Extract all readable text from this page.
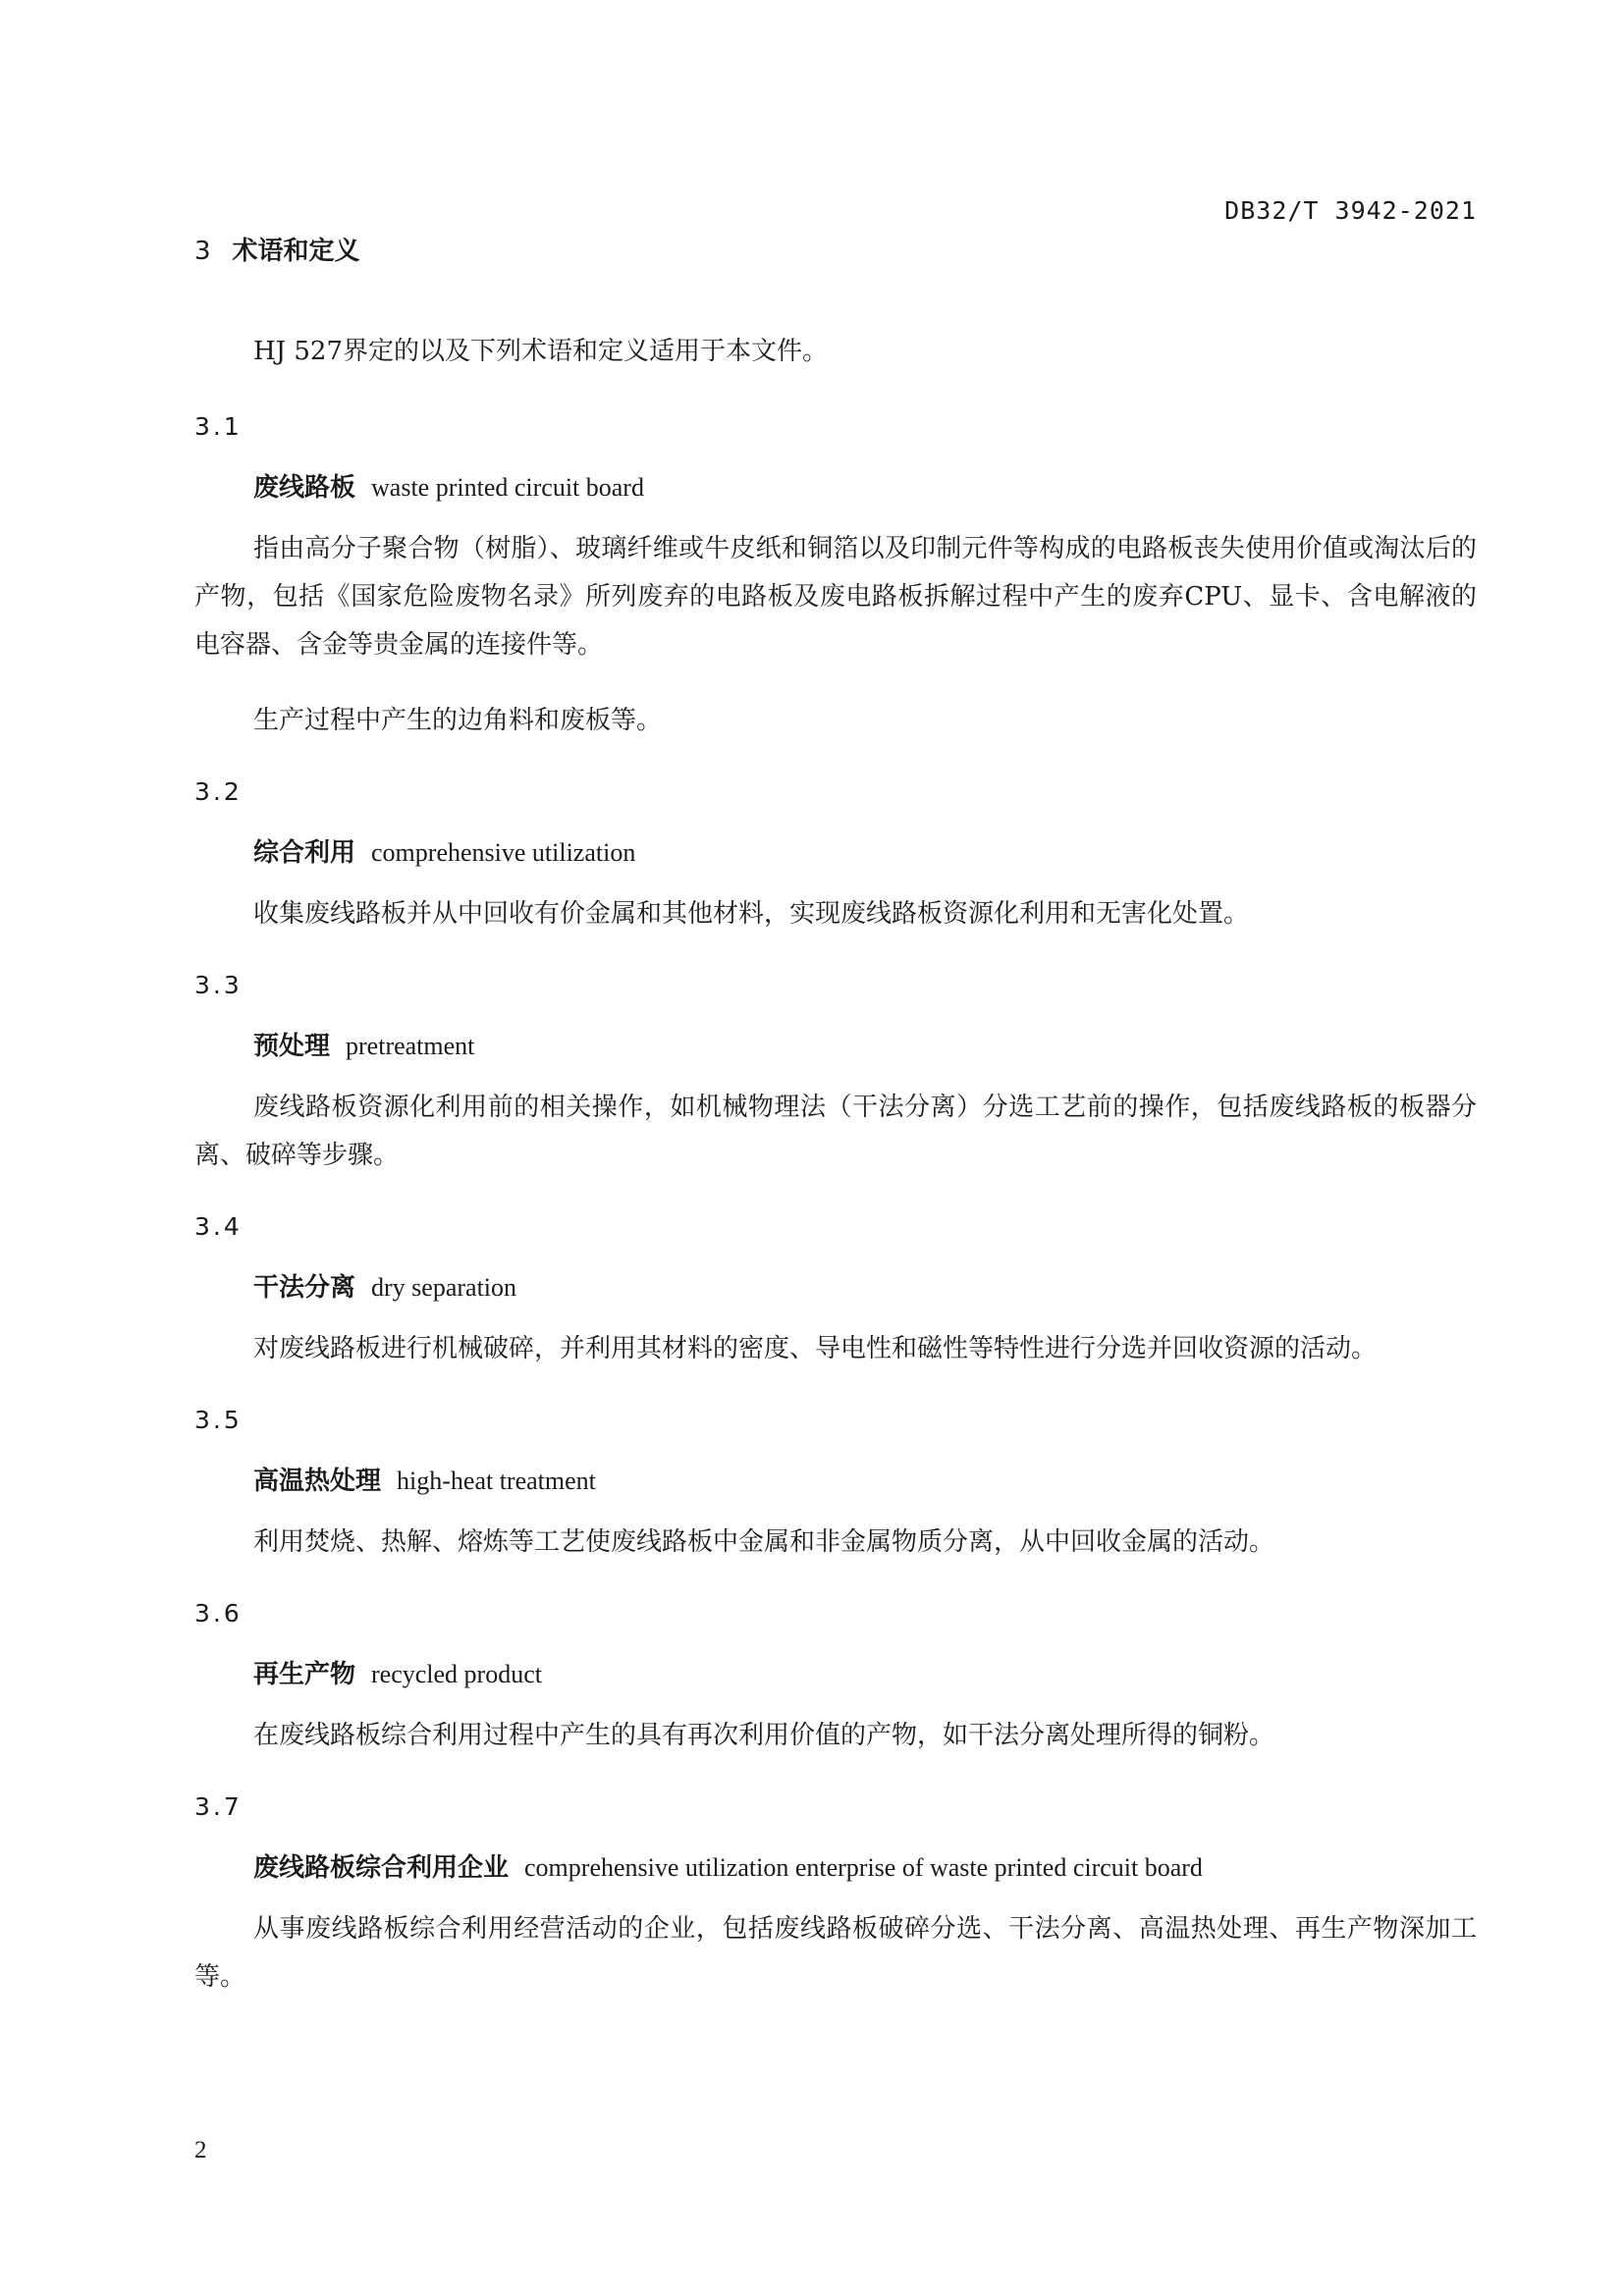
DB32/T 3942-2021
3 术语和定义

HJ 527界定的以及下列术语和定义适用于本文件。

3.1
废线路板 waste printed circuit board

指由高分子聚合物（树脂）、玻璃纤维或牛皮纸和铜箔以及印制元件等构成的电路板丧失使用价值或淘汰后的产物，包括《国家危险废物名录》所列废弃的电路板及废电路板拆解过程中产生的废弃CPU、显卡、含电解液的电容器、含金等贵金属的连接件等。

生产过程中产生的边角料和废板等。

3.2
综合利用 comprehensive utilization

收集废线路板并从中回收有价金属和其他材料，实现废线路板资源化利用和无害化处置。

3.3
预处理 pretreatment

废线路板资源化利用前的相关操作，如机械物理法（干法分离）分选工艺前的操作，包括废线路板的板器分离、破碎等步骤。

3.4
干法分离 dry separation

对废线路板进行机械破碎，并利用其材料的密度、导电性和磁性等特性进行分选并回收资源的活动。

3.5
高温热处理 high-heat treatment

利用焚烧、热解、熔炼等工艺使废线路板中金属和非金属物质分离，从中回收金属的活动。

3.6
再生产物 recycled product

在废线路板综合利用过程中产生的具有再次利用价值的产物，如干法分离处理所得的铜粉。

3.7
废线路板综合利用企业 comprehensive utilization enterprise of waste printed circuit board

从事废线路板综合利用经营活动的企业，包括废线路板破碎分选、干法分离、高温热处理、再生产物深加工等。

2
